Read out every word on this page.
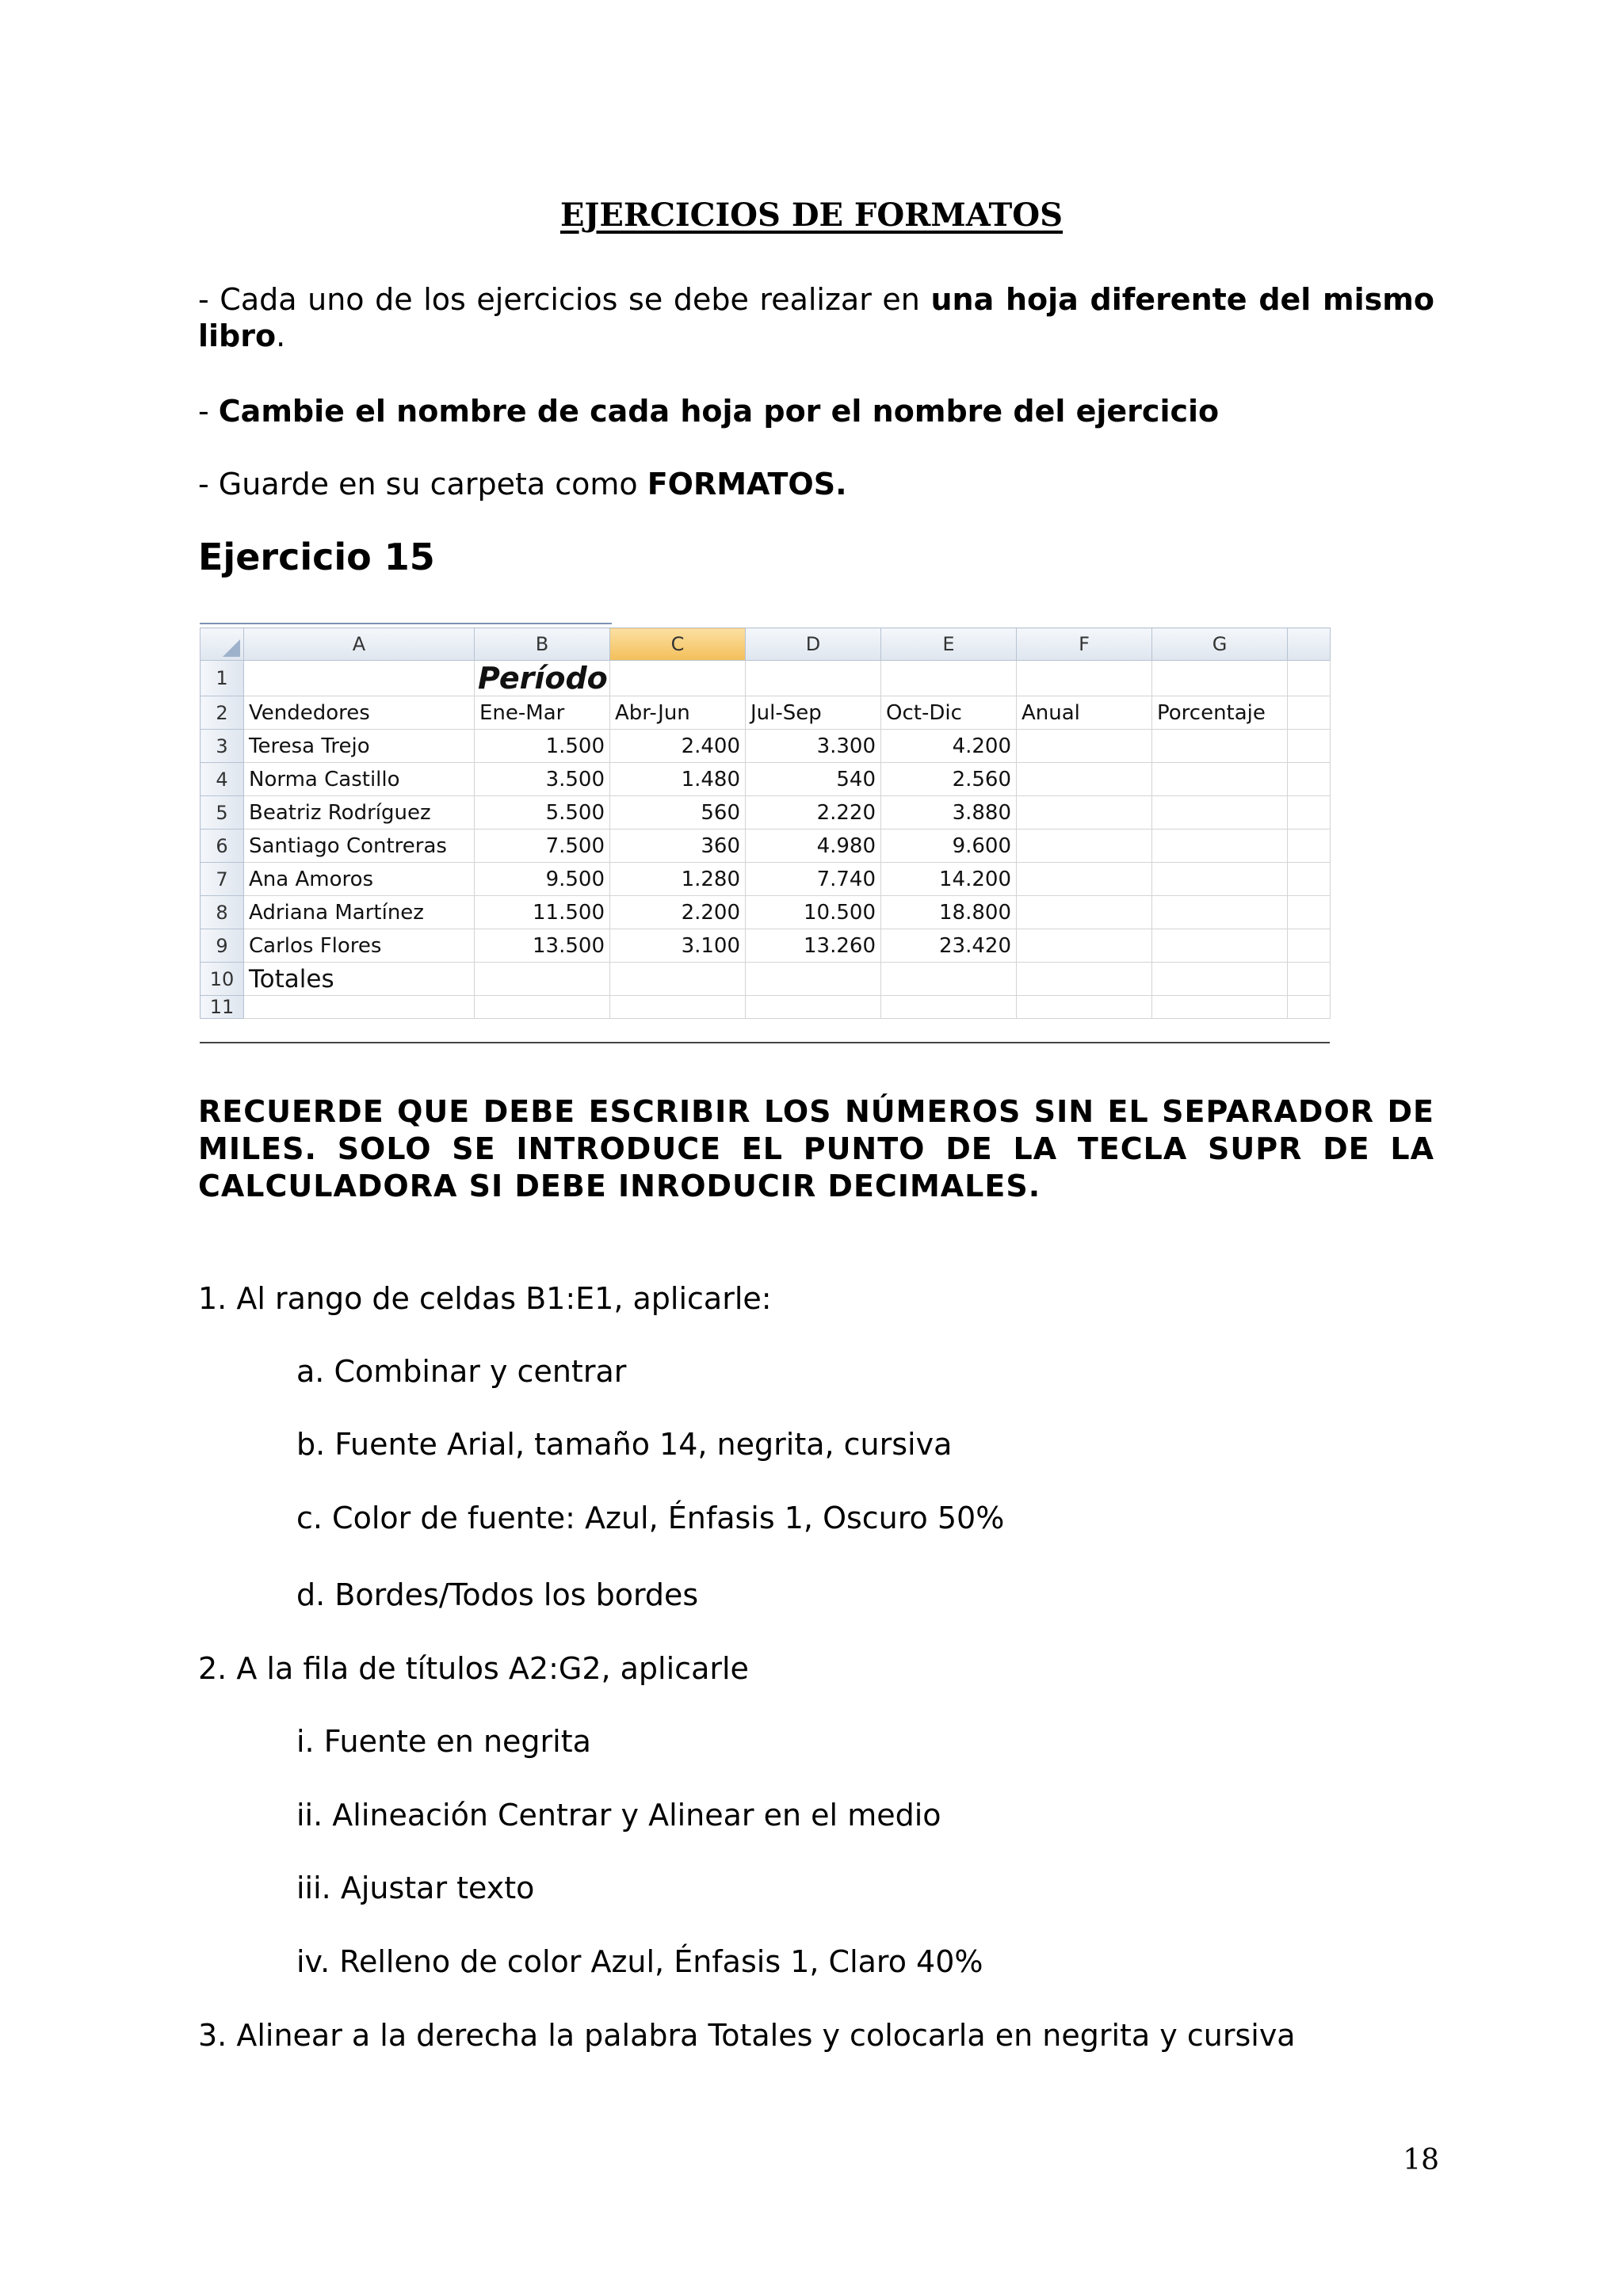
EJERCICIOS DE FORMATOS
- Cada uno de los ejercicios se debe realizar en una hoja diferente del mismo libro.
- Cambie el nombre de cada hoja por el nombre del ejercicio
- Guarde en su carpeta como FORMATOS.
Ejercicio 15
	A	B	C	D	E	F	G	
1		Período						
2	Vendedores	Ene-Mar	Abr-Jun	Jul-Sep	Oct-Dic	Anual	Porcentaje	
3	Teresa Trejo	1.500	2.400	3.300	4.200			
4	Norma Castillo	3.500	1.480	540	2.560			
5	Beatriz Rodríguez	5.500	560	2.220	3.880			
6	Santiago Contreras	7.500	360	4.980	9.600			
7	Ana Amoros	9.500	1.280	7.740	14.200			
8	Adriana Martínez	11.500	2.200	10.500	18.800			
9	Carlos Flores	13.500	3.100	13.260	23.420			
10	Totales							
11								
RECUERDE QUE DEBE ESCRIBIR LOS NÚMEROS SIN EL SEPARADOR DE MILES. SOLO SE INTRODUCE EL PUNTO DE LA TECLA SUPR DE LA CALCULADORA SI DEBE INRODUCIR DECIMALES.
1. Al rango de celdas B1:E1, aplicarle:
a. Combinar y centrar
b. Fuente Arial, tamaño 14, negrita, cursiva
c. Color de fuente: Azul, Énfasis 1, Oscuro 50%
d. Bordes/Todos los bordes
2. A la fila de títulos A2:G2, aplicarle
i. Fuente en negrita
ii. Alineación Centrar y Alinear en el medio
iii. Ajustar texto
iv. Relleno de color Azul, Énfasis 1, Claro 40%
3. Alinear a la derecha la palabra Totales y colocarla en negrita y cursiva
18
